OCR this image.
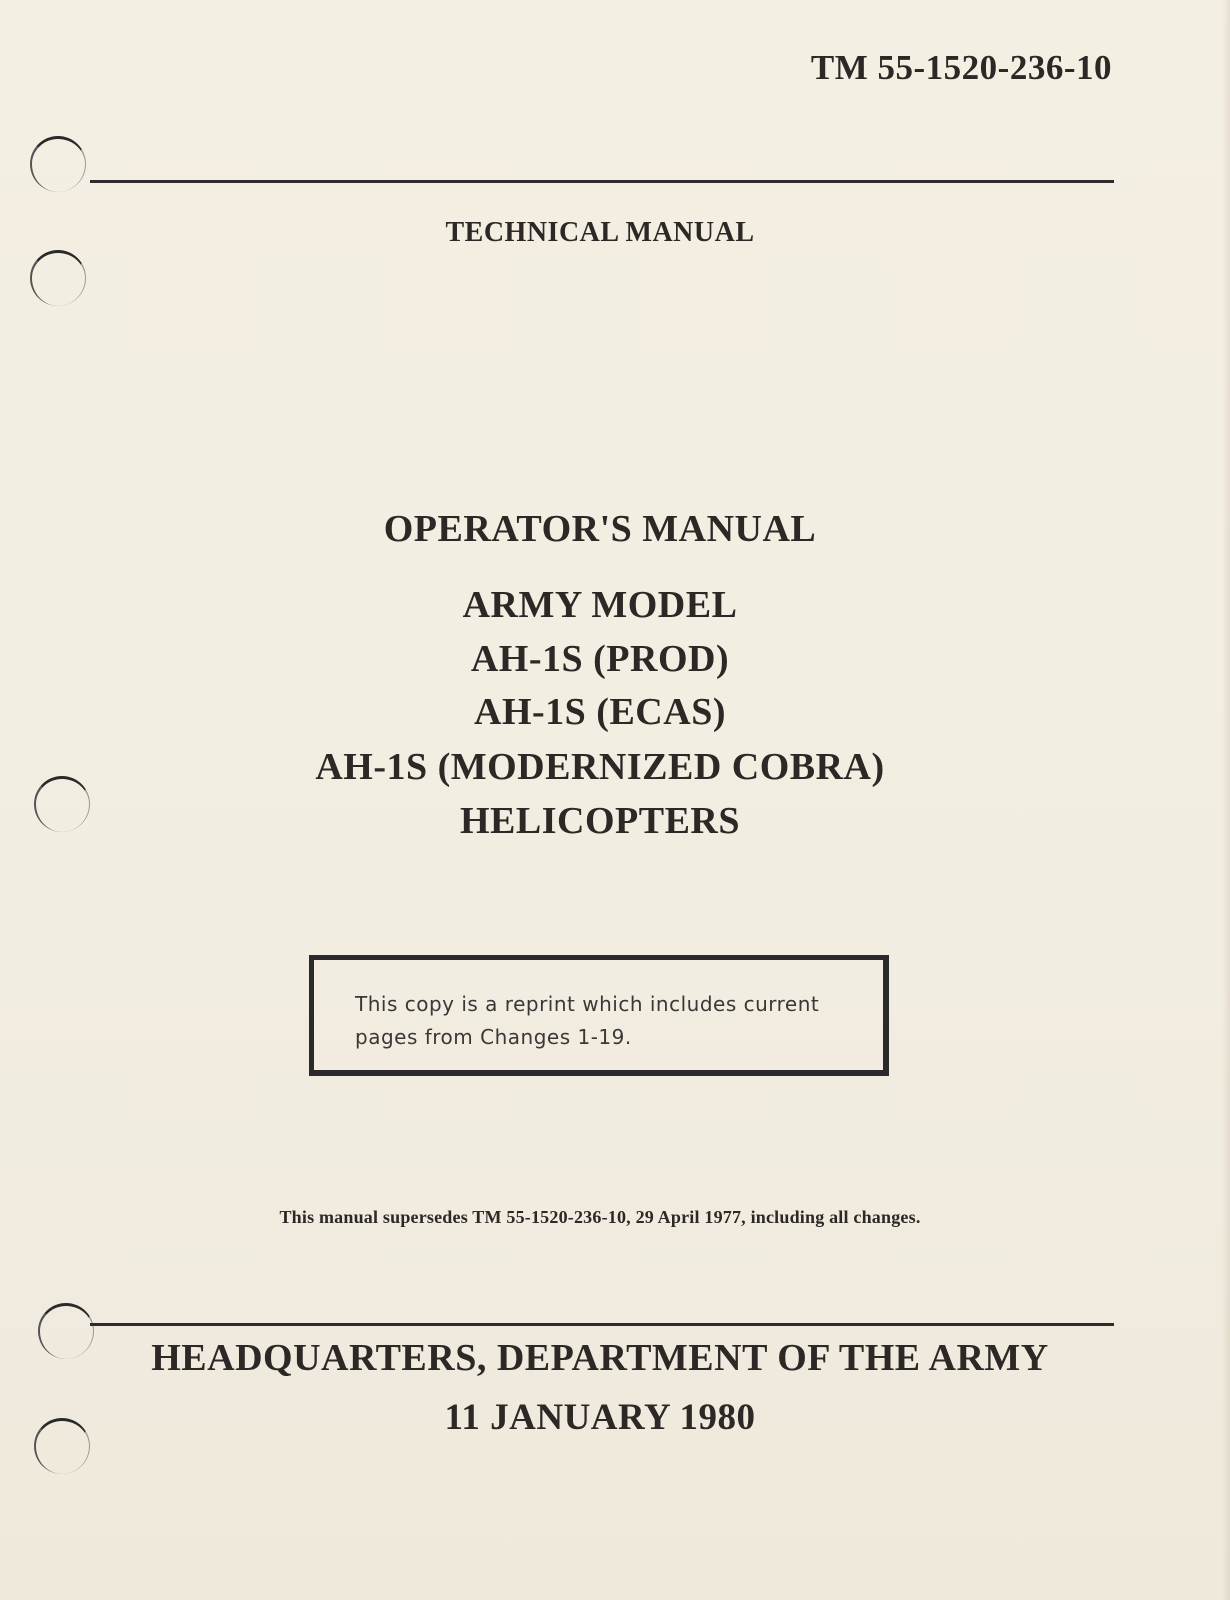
TM 55-1520-236-10
TECHNICAL MANUAL
OPERATOR'S MANUAL
ARMY MODEL
AH-1S (PROD)
AH-1S (ECAS)
AH-1S (MODERNIZED COBRA)
HELICOPTERS
This copy is a reprint which includes current
pages from Changes 1-19.
This manual supersedes TM 55-1520-236-10, 29 April 1977, including all changes.
HEADQUARTERS, DEPARTMENT OF THE ARMY
11 JANUARY 1980
